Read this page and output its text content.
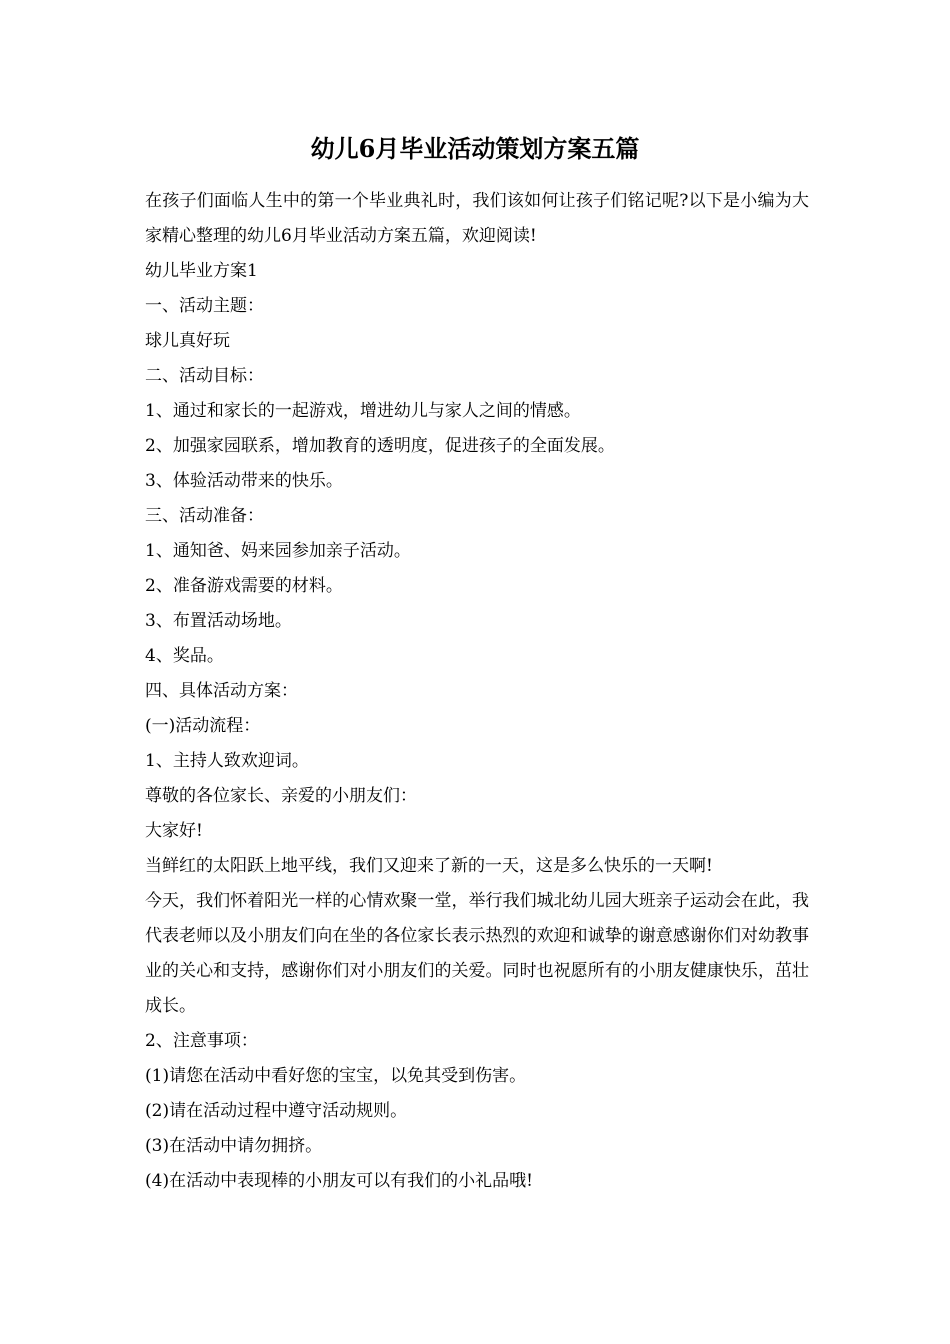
幼儿6月毕业活动策划方案五篇
在孩子们面临人生中的第一个毕业典礼时，我们该如何让孩子们铭记呢?以下是小编为大家精心整理的幼儿6月毕业活动方案五篇，欢迎阅读!
幼儿毕业方案1
一、活动主题：
球儿真好玩
二、活动目标：
1、通过和家长的一起游戏，增进幼儿与家人之间的情感。
2、加强家园联系，增加教育的透明度，促进孩子的全面发展。
3、体验活动带来的快乐。
三、活动准备：
1、通知爸、妈来园参加亲子活动。
2、准备游戏需要的材料。
3、布置活动场地。
4、奖品。
四、具体活动方案：
(一)活动流程：
1、主持人致欢迎词。
尊敬的各位家长、亲爱的小朋友们：
大家好!
当鲜红的太阳跃上地平线，我们又迎来了新的一天，这是多么快乐的一天啊!
今天，我们怀着阳光一样的心情欢聚一堂，举行我们城北幼儿园大班亲子运动会在此，我代表老师以及小朋友们向在坐的各位家长表示热烈的欢迎和诚挚的谢意感谢你们对幼教事业的关心和支持，感谢你们对小朋友们的关爱。同时也祝愿所有的小朋友健康快乐，茁壮成长。
2、注意事项：
(1)请您在活动中看好您的宝宝，以免其受到伤害。
(2)请在活动过程中遵守活动规则。
(3)在活动中请勿拥挤。
(4)在活动中表现棒的小朋友可以有我们的小礼品哦!
